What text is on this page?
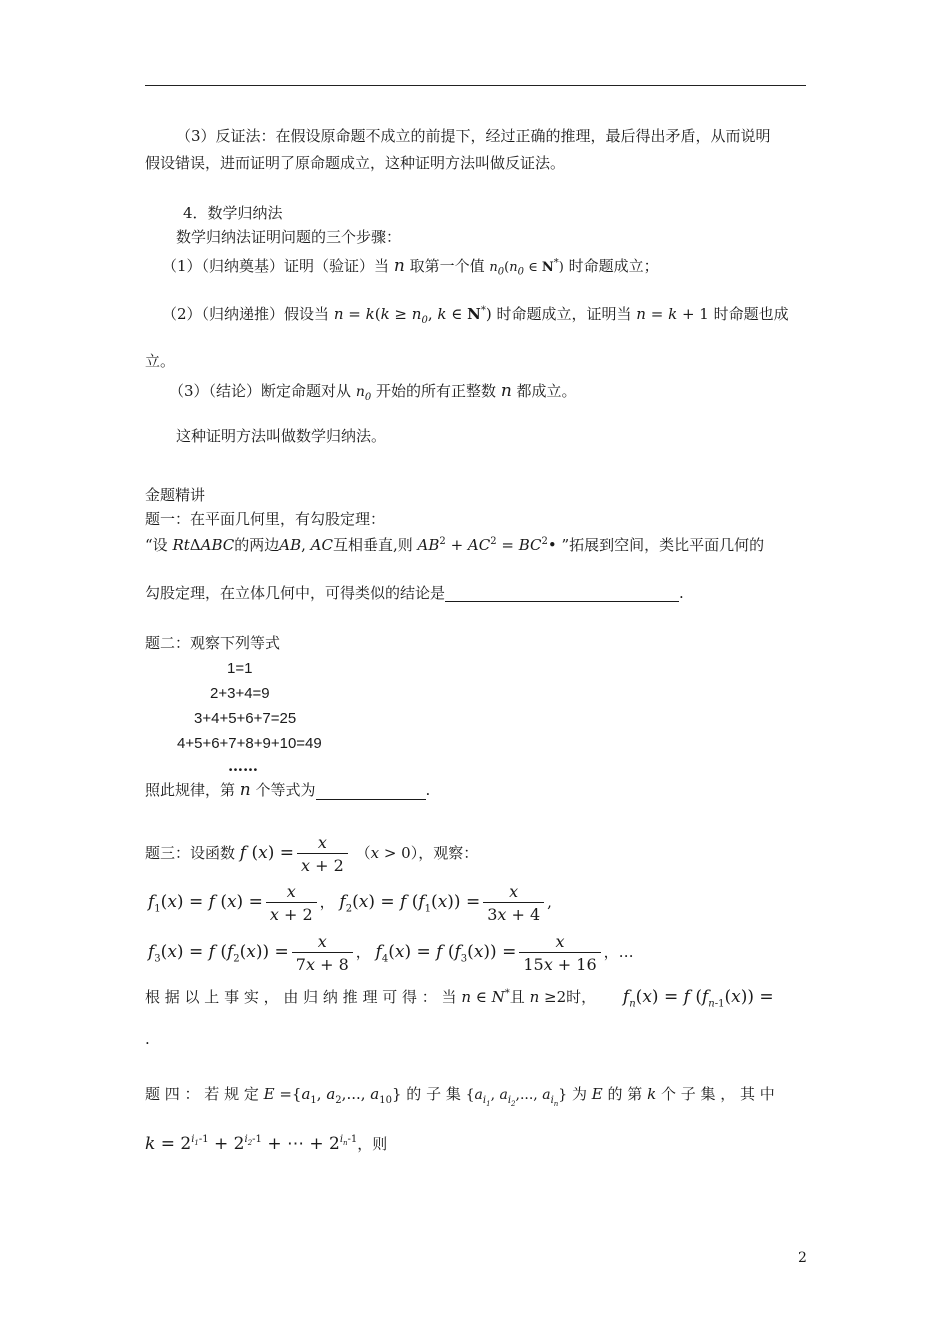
（3）反证法：在假设原命题不成立的前提下，经过正确的推理，最后得出矛盾，从而说明
假设错误，进而证明了原命题成立，这种证明方法叫做反证法。
4．数学归纳法
数学归纳法证明问题的三个步骤：
（1）（归纳奠基）证明（验证）当 n 取第一个值 $n_0(n_0$ ∈ N*) 时命题成立；
（2）（归纳递推）假设当 $n = k(k \ge n_0$, k ∈ N*) 时命题成立，证明当 n = k + 1 时命题也成
立。
（3）（结论）断定命题对从 $n_0$ 开始的所有正整数 n 都成立。
这种证明方法叫做数学归纳法。
金题精讲
题一：在平面几何里，有勾股定理：
“设 RtΔABC的两边AB, AC互相垂直,则 $AB^2 + AC^2$ = $BC^2•$ ”拓展到空间，类比平面几何的
勾股定理，在立体几何中，可得类似的结论是	.
题二：观察下列等式
1=1
2+3+4=9
3+4+5+6+7=25
4+5+6+7+8+9+10=49
……
照此规律，第 n 个等式为	.
题三：设函数 f $(x) = \frac{x}{x + 2} (x > 0)$，观察：
$f_1(x) = f$ $(x) = \frac{x}{x + 2}$ ， $f_2(x) = f$ $(f_1(x)) = \frac{x}{3x + 4}$ ,
$f_3(x) = f$ $(f_2(x)) = \frac{x}{7x + 8}$ ， $f_4(x) = f$ $(f_3(x)) = \frac{x}{15x + 16}$ ，…
根 据 以 上 事 实 ， 由 归 纳 推 理 可 得 ： 当 n ∈ N*且 n ≥2时， $f_n(x) = f$ $(f_{n-1}(x))$ =
.
题 四 ： 若 规 定 $E =\{a_1$, $a_2$,..., $a_{10}$} 的 子 集 {$a_{i_1}$, $a_{i_2}$,..., $a_{i_n}$} 为 E 的 第 k 个 子 集 ， 其 中
$k = 2^{i_1-1} + 2^{i_2-1}$ + ⋯ + $2^{i_n-1}$，则
2
